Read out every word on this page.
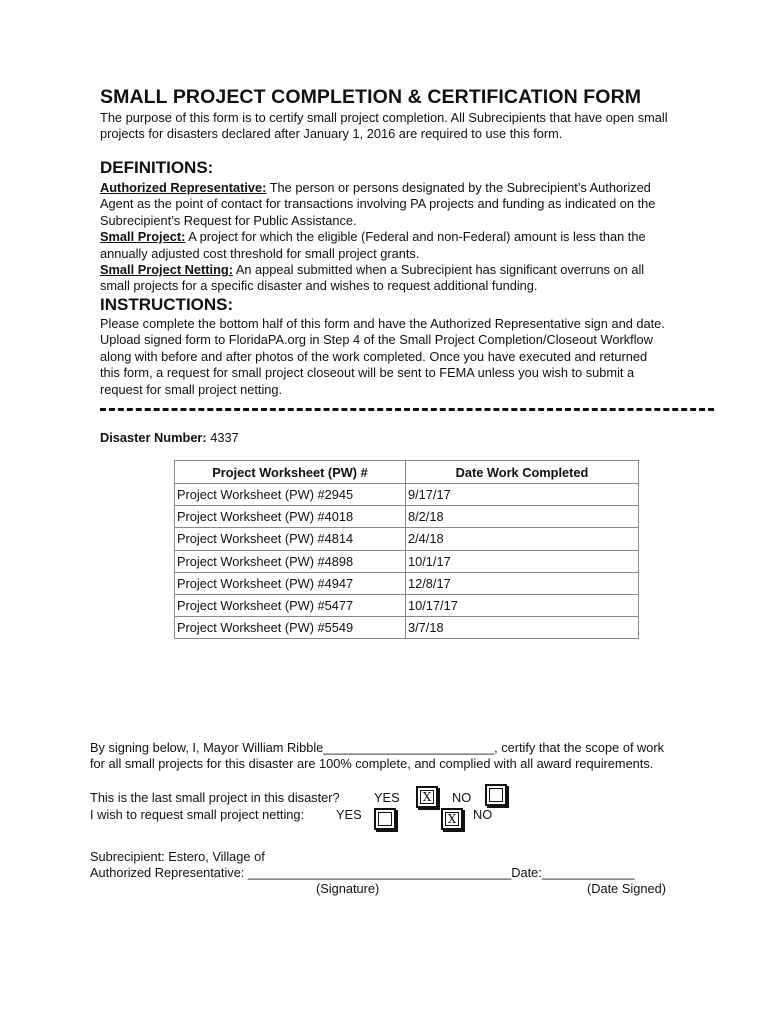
SMALL PROJECT COMPLETION & CERTIFICATION FORM
The purpose of this form is to certify small project completion. All Subrecipients that have open small projects for disasters declared after January 1, 2016 are required to use this form.
DEFINITIONS:
Authorized Representative: The person or persons designated by the Subrecipient’s Authorized Agent as the point of contact for transactions involving PA projects and funding as indicated on the Subrecipient’s Request for Public Assistance.
Small Project: A project for which the eligible (Federal and non-Federal) amount is less than the annually adjusted cost threshold for small project grants.
Small Project Netting: An appeal submitted when a Subrecipient has significant overruns on all small projects for a specific disaster and wishes to request additional funding.
INSTRUCTIONS:
Please complete the bottom half of this form and have the Authorized Representative sign and date. Upload signed form to FloridaPA.org in Step 4 of the Small Project Completion/Closeout Workflow along with before and after photos of the work completed. Once you have executed and returned this form, a request for small project closeout will be sent to FEMA unless you wish to submit a request for small project netting.
Disaster Number: 4337
Project Worksheet (PW) #	Date Work Completed
Project Worksheet (PW) #2945	9/17/17
Project Worksheet (PW) #4018	8/2/18
Project Worksheet (PW) #4814	2/4/18
Project Worksheet (PW) #4898	10/1/17
Project Worksheet (PW) #4947	12/8/17
Project Worksheet (PW) #5477	10/17/17
Project Worksheet (PW) #5549	3/7/18
By signing below, I, Mayor William Ribble________________________, certify that the scope of work for all small projects for this disaster are 100% complete, and complied with all award requirements.
This is the last small project in this disaster?	YES X NO
I wish to request small project netting: YES	X NO
Subrecipient: Estero, Village of
Authorized Representative: _____________________________________Date:_____________
(Signature)	(Date Signed)
